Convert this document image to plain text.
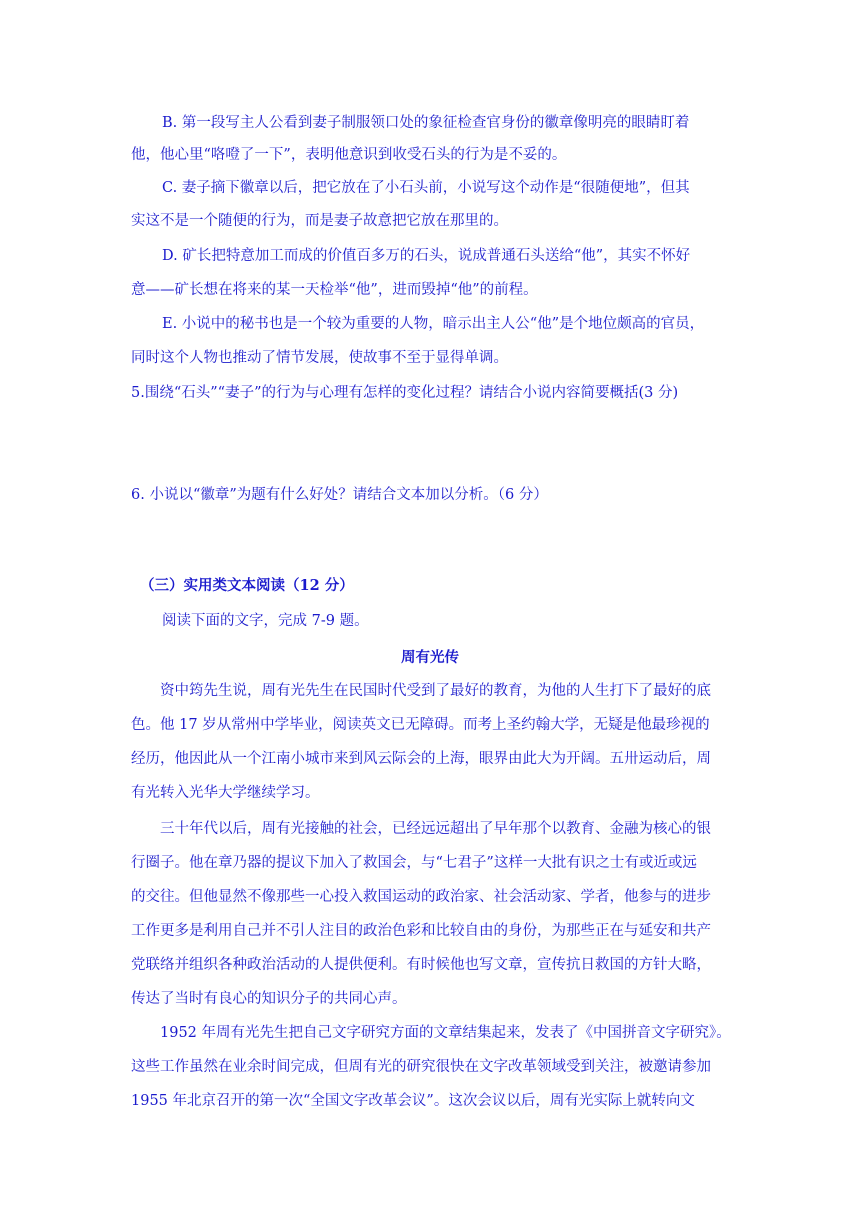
B. 第一段写主人公看到妻子制服领口处的象征检查官身份的徽章像明亮的眼睛盯着
他，他心里“咯噔了一下”，表明他意识到收受石头的行为是不妥的。
C. 妻子摘下徽章以后，把它放在了小石头前，小说写这个动作是“很随便地”，但其
实这不是一个随便的行为，而是妻子故意把它放在那里的。
D. 矿长把特意加工而成的价值百多万的石头，说成普通石头送给“他”，其实不怀好
意——矿长想在将来的某一天检举“他”，进而毁掉“他”的前程。
E. 小说中的秘书也是一个较为重要的人物，暗示出主人公“他”是个地位颇高的官员，
同时这个人物也推动了情节发展，使故事不至于显得单调。
5.围绕“石头”“妻子”的行为与心理有怎样的变化过程？请结合小说内容简要概括(3 分)
6. 小说以“徽章”为题有什么好处？请结合文本加以分析。（6 分）
（三）实用类文本阅读（12 分）
阅读下面的文字，完成 7-9 题。
周有光传
资中筠先生说，周有光先生在民国时代受到了最好的教育，为他的人生打下了最好的底
色。他 17 岁从常州中学毕业，阅读英文已无障碍。而考上圣约翰大学，无疑是他最珍视的
经历，他因此从一个江南小城市来到风云际会的上海，眼界由此大为开阔。五卅运动后，周
有光转入光华大学继续学习。
三十年代以后，周有光接触的社会，已经远远超出了早年那个以教育、金融为核心的银
行圈子。他在章乃器的提议下加入了救国会，与“七君子”这样一大批有识之士有或近或远
的交往。但他显然不像那些一心投入救国运动的政治家、社会活动家、学者，他参与的进步
工作更多是利用自己并不引人注目的政治色彩和比较自由的身份，为那些正在与延安和共产
党联络并组织各种政治活动的人提供便利。有时候他也写文章，宣传抗日救国的方针大略，
传达了当时有良心的知识分子的共同心声。
1952 年周有光先生把自己文字研究方面的文章结集起来，发表了《中国拼音文字研究》。
这些工作虽然在业余时间完成，但周有光的研究很快在文字改革领域受到关注，被邀请参加
1955 年北京召开的第一次“全国文字改革会议”。这次会议以后，周有光实际上就转向文
